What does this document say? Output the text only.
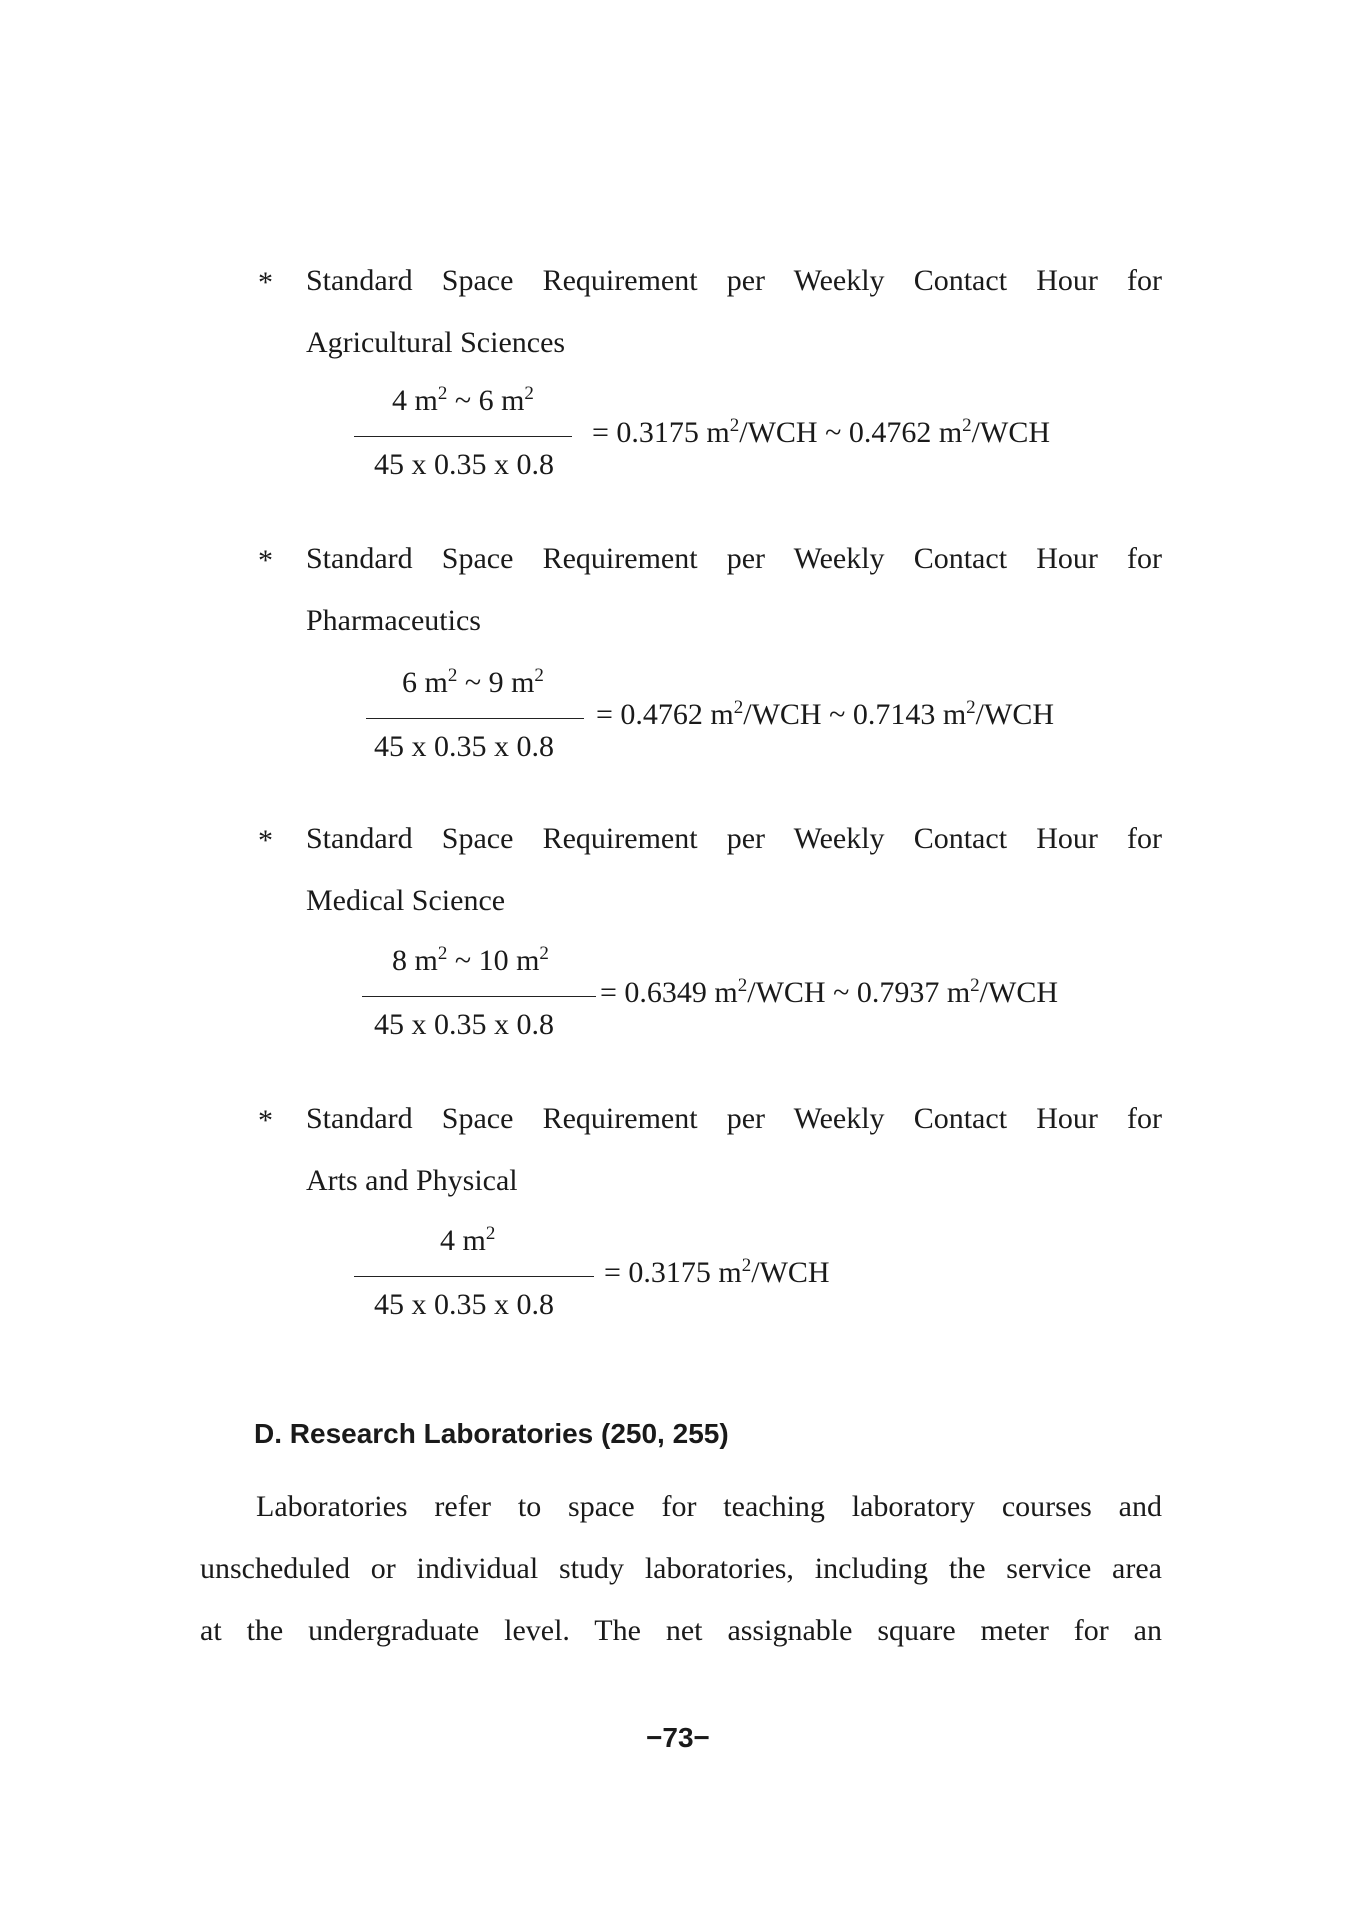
* Standard Space Requirement per Weekly Contact Hour for
Agricultural Sciences
4 $m^2$ ~ 6 $m^2$
45 x 0.35 x 0.8
= 0.3175 $m^2$/WCH ~ 0.4762 $m^2$/WCH
* Standard Space Requirement per Weekly Contact Hour for
Pharmaceutics
6 $m^2$ ~ 9 $m^2$
45 x 0.35 x 0.8
= 0.4762 $m^2$/WCH ~ 0.7143 $m^2$/WCH
* Standard Space Requirement per Weekly Contact Hour for
Medical Science
8 $m^2$ ~ 10 $m^2$
45 x 0.35 x 0.8
= 0.6349 $m^2$/WCH ~ 0.7937 $m^2$/WCH
* Standard Space Requirement per Weekly Contact Hour for
Arts and Physical
4 $m^2$
45 x 0.35 x 0.8
= 0.3175 $m^2$/WCH
D. Research Laboratories (250, 255)
Laboratories refer to space for teaching laboratory courses and
unscheduled or individual study laboratories, including the service area
at the undergraduate level. The net assignable square meter for an
−73−
